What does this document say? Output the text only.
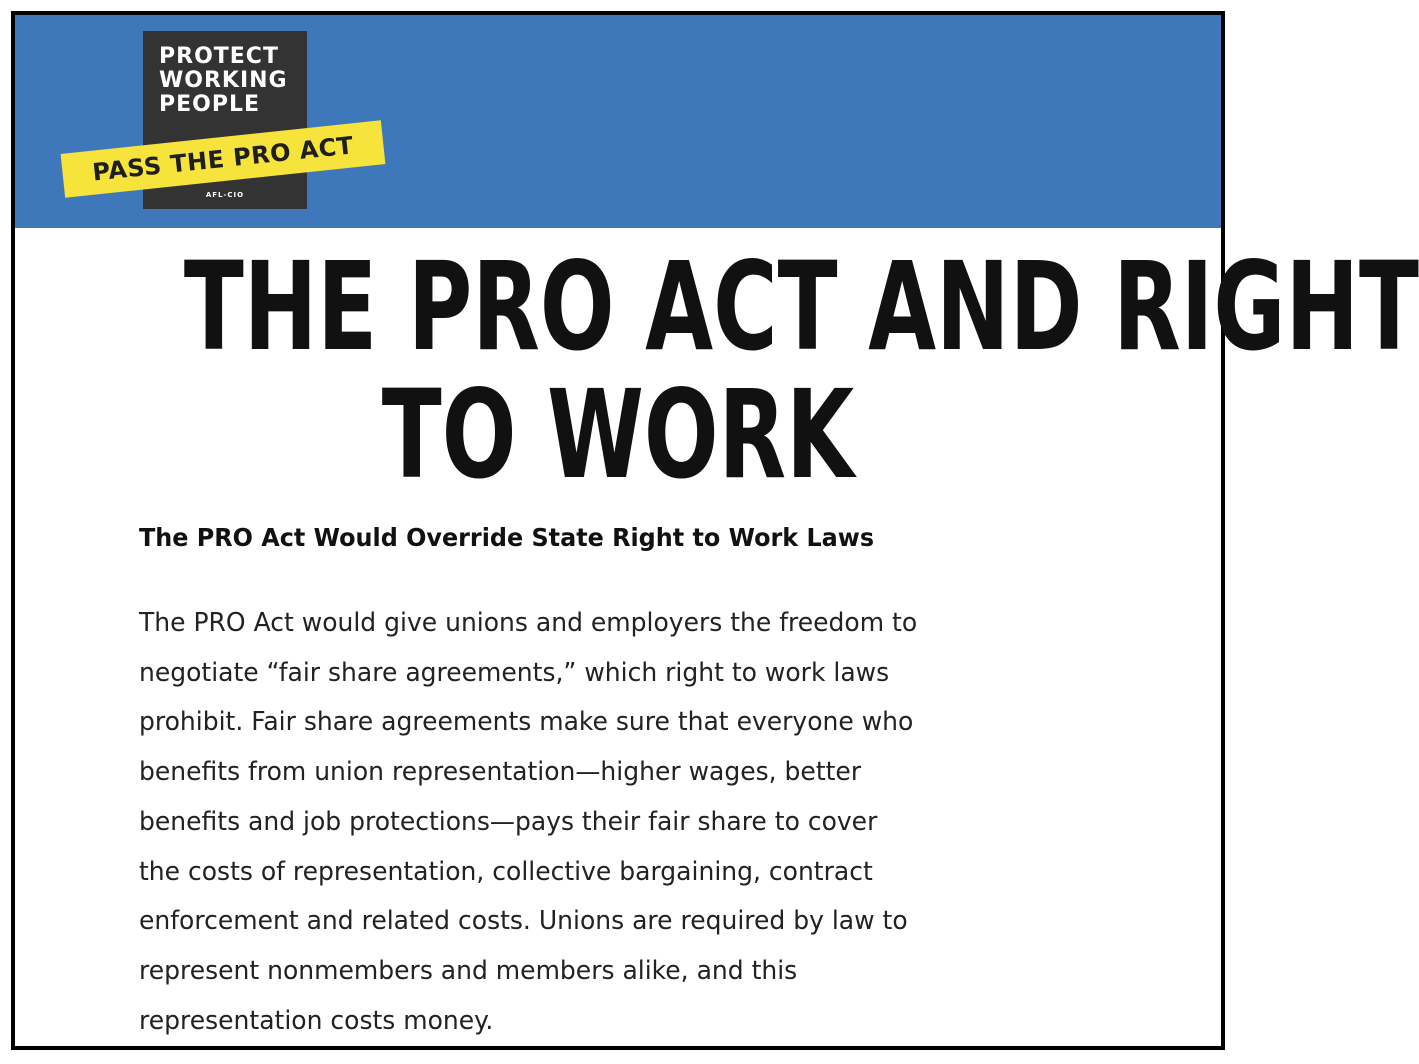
PROTECT
WORKING
PEOPLE
AFL-CIO
PASS THE PRO ACT
THE PRO ACT AND RIGHT
TO WORK
The PRO Act Would Override State Right to Work Laws

The PRO Act would give unions and employers the freedom to
negotiate “fair share agreements,” which right to work laws
prohibit. Fair share agreements make sure that everyone who
benefits from union representation—higher wages, better
benefits and job protections—pays their fair share to cover
the costs of representation, collective bargaining, contract
enforcement and related costs. Unions are required by law to
represent nonmembers and members alike, and this
representation costs money.
